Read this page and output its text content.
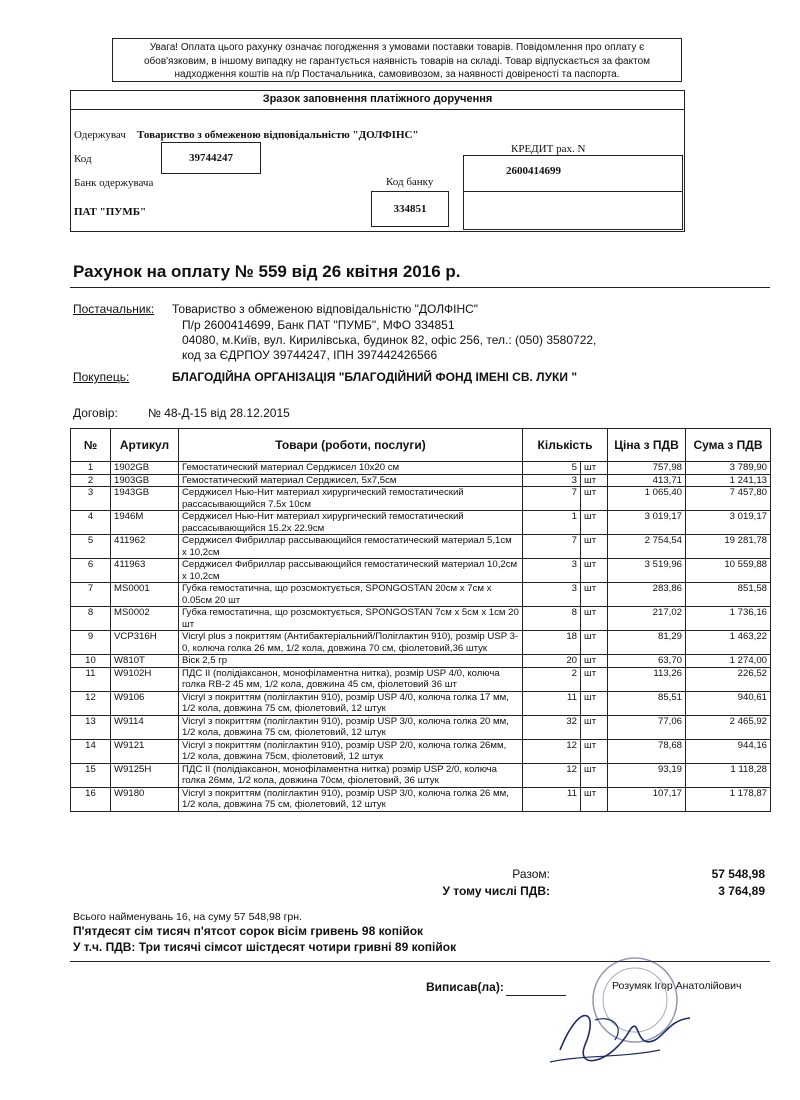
Увага! Оплата цього рахунку означає погодження з умовами поставки товарів. Повідомлення про оплату є
обов'язковим, в іншому випадку не гарантується наявність товарів на складі. Товар відпускається за фактом
надходження коштів на п/р Постачальника, самовивозом, за наявності довіреності та паспорта.
Зразок заповнення платіжного доручення
Одержувач Товариство з обмеженою відповідальністю "ДОЛФІНС"
Код	39744247
Банк одержувача	Код банку
ПАТ "ПУМБ"	334851
КРЕДИТ рах. N
2600414699
Рахунок на оплату № 559 від 26 квітня 2016 р.
Постачальник: Товариство з обмеженою відповідальністю "ДОЛФІНС"
П/р 2600414699, Банк ПАТ "ПУМБ", МФО 334851
04080, м.Київ, вул. Кирилівська, будинок 82, офіс 256, тел.: (050) 3580722,
код за ЄДРПОУ 39744247, ІПН 397442426566
Покупець:	БЛАГОДІЙНА ОРГАНІЗАЦІЯ "БЛАГОДІЙНИЙ ФОНД ІМЕНІ СВ. ЛУКИ "
Договір:	№ 48-Д-15 від 28.12.2015
№	Артикул	Товари (роботи, послуги)	Кількість		Ціна з ПДВ	Сума з ПДВ
1	1902GB	Гемостатический материал Серджисел 10х20 см	5	шт	757,98	3 789,90
2	1903GB	Гемостатический материал Серджисел, 5х7,5см	3	шт	413,71	1 241,13
3	1943GB	Серджисел Нью-Нит материал хирургический гемостатический рассасывающийся 7.5х 10см	7	шт	1 065,40	7 457,80
4	1946M	Серджисел Нью-Нит материал хирургический гемостатический рассасывающийся 15.2х 22.9см	1	шт	3 019,17	3 019,17
5	411962	Серджисел Фибриллар рассывающийся гемостатический материал 5,1см х 10,2см	7	шт	2 754,54	19 281,78
6	411963	Серджисел Фибриллар рассывающийся гемостатический материал 10,2см х 10,2см	3	шт	3 519,96	10 559,88
7	MS0001	Губка гемостатична, що розсмоктується, SPONGOSTAN 20см х 7см х 0.05см 20 шт	3	шт	283,86	851,58
8	MS0002	Губка гемостатична, що розсмоктується, SPONGOSTAN 7см х 5см х 1см 20 шт	8	шт	217,02	1 736,16
9	VCP316H	Vicryl plus з покриттям (Антибактеріальний/Поліглактин 910), розмір USP 3-0, колюча голка 26 мм, 1/2 кола, довжина 70 см, фіолетовий,36 штук	18	шт	81,29	1 463,22
10	W810T	Віск 2,5 гр	20	шт	63,70	1 274,00
11	W9102H	ПДС ІІ (полідіаксанон, монофіламентна нитка), розмір USP 4/0, колюча голка RB-2 45 мм, 1/2 кола, довжина 45 см, фіолетовий 36 шт	2	шт	113,26	226,52
12	W9106	Vicryl з покриттям (поліглактин 910), розмір USP 4/0, колюча голка 17 мм, 1/2 кола, довжина 75 см, фіолетовий, 12 штук	11	шт	85,51	940,61
13	W9114	Vicryl з покриттям (поліглактин 910), розмір USP 3/0, колюча голка 20 мм, 1/2 кола, довжина 75 см, фіолетовий, 12 штук	32	шт	77,06	2 465,92
14	W9121	Vicryl з покриттям (поліглактин 910), розмір USP 2/0, колюча голка 26мм, 1/2 кола, довжина 75см, фіолетовий, 12 штук	12	шт	78,68	944,16
15	W9125H	ПДС ІІ (полідіаксанон, монофіламентна нитка) розмір USP 2/0, колюча голка 26мм, 1/2 кола, довжина 70см, фіолетовий, 36 штук	12	шт	93,19	1 118,28
16	W9180	Vicryl з покриттям (поліглактин 910), розмір USP 3/0, колюча голка 26 мм, 1/2 кола, довжина 75 см, фіолетовий, 12 штук	11	шт	107,17	1 178,87
Разом:	57 548,98
У тому числі ПДВ:	3 764,89
Всього найменувань 16, на суму 57 548,98 грн.
П'ятдесят сім тисяч п'ятсот сорок вісім гривень 98 копійок
У т.ч. ПДВ: Три тисячі сімсот шістдесят чотири гривні 89 копійок
Виписав(ла):	Розумяк Ігор Анатолійович
